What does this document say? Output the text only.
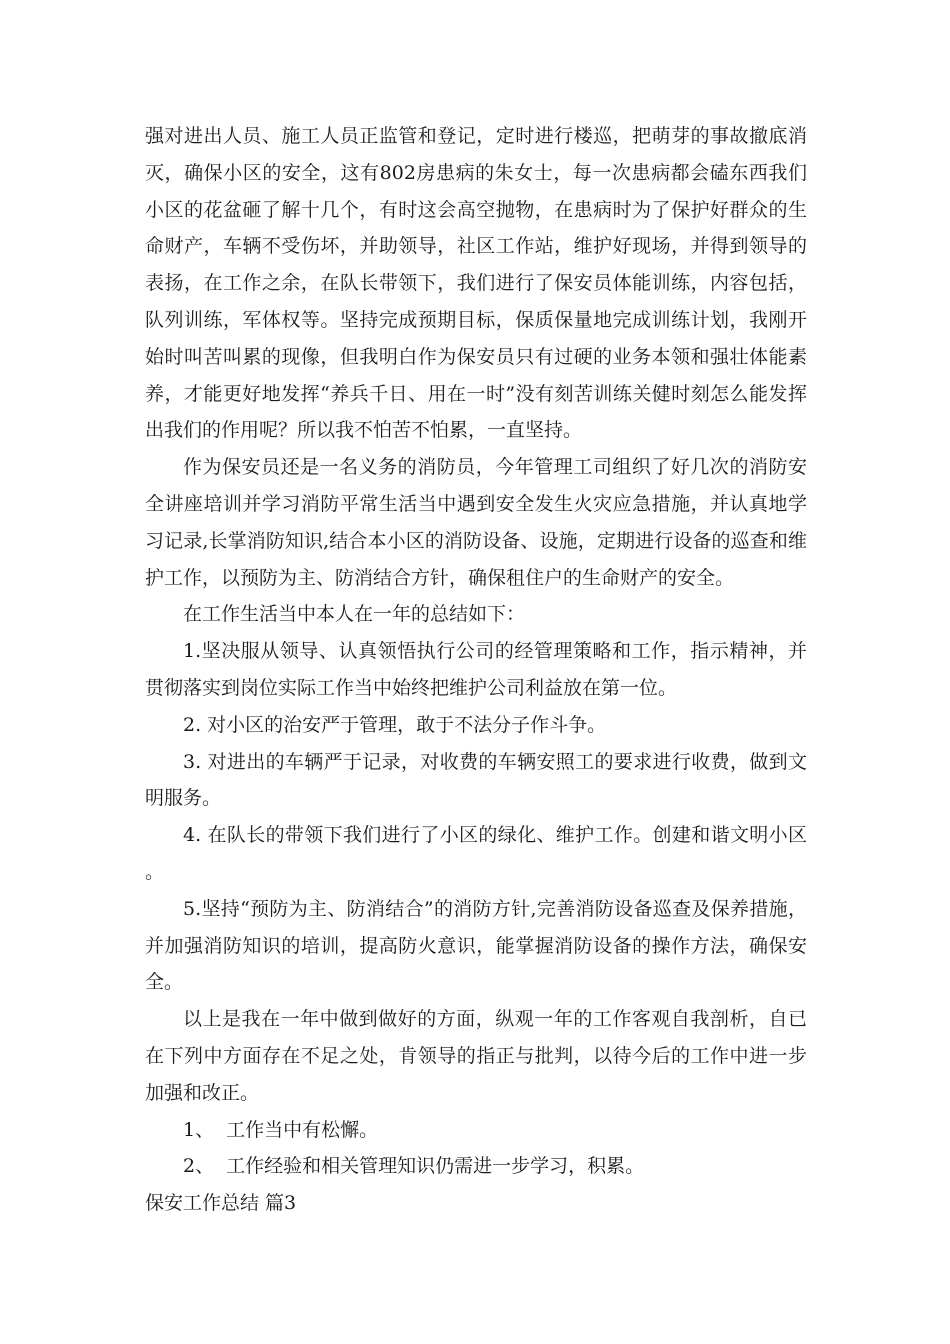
强对进出人员、施工人员正监管和登记，定时进行楼巡，把萌芽的事故撤底消灭，确保小区的安全，这有802房患病的朱女士，每一次患病都会磕东西我们小区的花盆砸了解十几个，有时这会高空抛物，在患病时为了保护好群众的生命财产，车辆不受伤坏，并助领导，社区工作站，维护好现场，并得到领导的表扬，在工作之余，在队长带领下，我们进行了保安员体能训练，内容包括，队列训练，军体权等。坚持完成预期目标，保质保量地完成训练计划，我刚开始时叫苦叫累的现像，但我明白作为保安员只有过硬的业务本领和强壮体能素养，才能更好地发挥“养兵千日、用在一时”没有刻苦训练关健时刻怎么能发挥出我们的作用呢？所以我不怕苦不怕累，一直坚持。

作为保安员还是一名义务的消防员，今年管理工司组织了好几次的消防安全讲座培训并学习消防平常生活当中遇到安全发生火灾应急措施，并认真地学习记录,长掌消防知识,结合本小区的消防设备、设施，定期进行设备的巡查和维护工作，以预防为主、防消结合方针，确保租住户的生命财产的安全。

在工作生活当中本人在一年的总结如下：

1.坚决服从领导、认真领悟执行公司的经管理策略和工作，指示精神，并贯彻落实到岗位实际工作当中始终把维护公司利益放在第一位。

2. 对小区的治安严于管理，敢于不法分子作斗争。

3. 对进出的车辆严于记录，对收费的车辆安照工的要求进行收费，做到文明服务。

4. 在队长的带领下我们进行了小区的绿化、维护工作。创建和谐文明小区。

5.坚持“预防为主、防消结合”的消防方针,完善消防设备巡查及保养措施，并加强消防知识的培训，提高防火意识，能掌握消防设备的操作方法，确保安全。

以上是我在一年中做到做好的方面，纵观一年的工作客观自我剖析，自已在下列中方面存在不足之处，肯领导的指正与批判，以待今后的工作中进一步加强和改正。

1、  工作当中有松懈。

2、  工作经验和相关管理知识仍需进一步学习，积累。

保安工作总结 篇3
